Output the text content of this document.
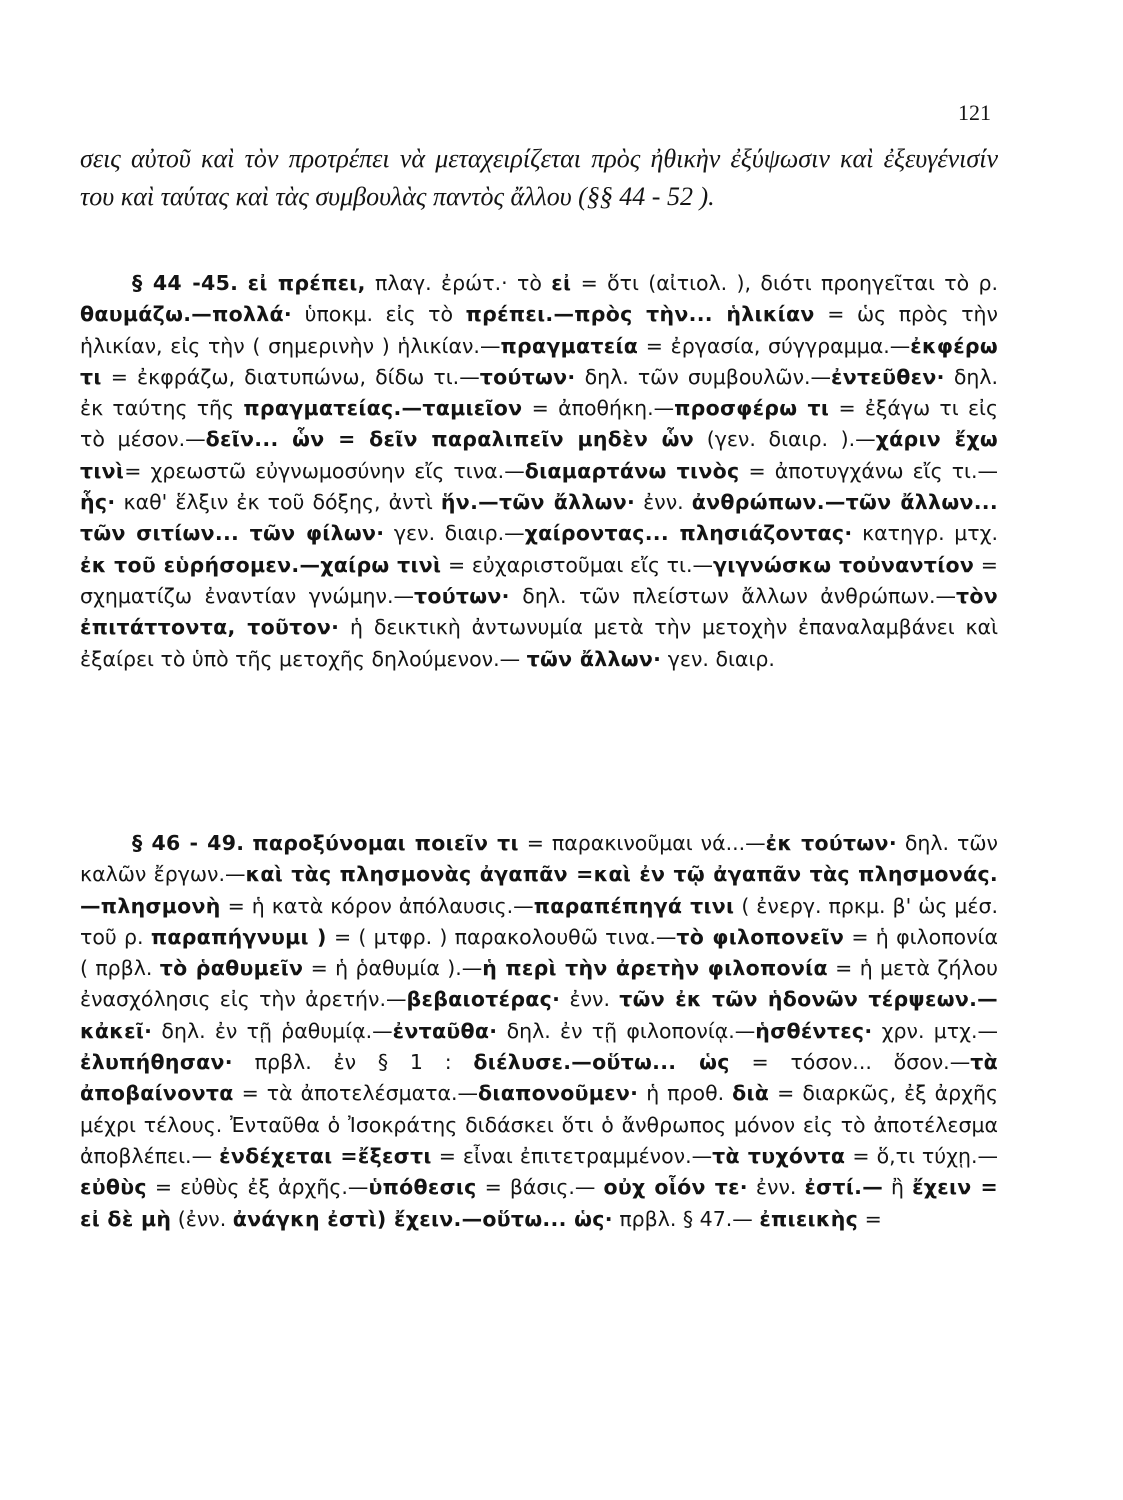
121
σεις αὐτοῦ καὶ τὸν προτρέπει νὰ μεταχειρίζεται πρὸς ἠθικὴν ἐξύψωσιν καὶ ἐξευγένισίν του καὶ ταύτας καὶ τὰς συμβουλὰς παντὸς ἄλλου (§§ 44 - 52 ).

§ 44 -45. εἰ πρέπει, πλαγ. ἐρώτ.· τὸ εἰ = ὅτι (αἰτιολ. ), διότι προηγεῖται τὸ ρ. θαυμάζω.—πολλά· ὑποκμ. εἰς τὸ πρέπει.—πρὸς τὴν... ἡλικίαν = ὡς πρὸς τὴν ἡλικίαν, εἰς τὴν ( σημερινὴν ) ἡλικίαν.—πραγματεία = ἐργασία, σύγγραμμα.—ἐκφέρω τι = ἐκφράζω, διατυπώνω, δίδω τι.—τούτων· δηλ. τῶν συμβουλῶν.—ἐντεῦθεν· δηλ. ἐκ ταύτης τῆς πραγματείας.—ταμιεῖον = ἀποθήκη.—προσφέρω τι = ἐξάγω τι εἰς τὸ μέσον.—δεῖν... ὧν = δεῖν παραλιπεῖν μηδὲν ὧν (γεν. διαιρ. ).—χάριν ἔχω τινὶ= χρεωστῶ εὐγνωμοσύνην εἴς τινα.—διαμαρτάνω τινὸς = ἀποτυγχάνω εἴς τι.—ἧς· καθ' ἕλξιν ἐκ τοῦ δόξης, ἀντὶ ἥν.—τῶν ἄλλων· ἐνν. ἀνθρώπων.—τῶν ἄλλων... τῶν σιτίων... τῶν φίλων· γεν. διαιρ.—χαίροντας... πλησιάζοντας· κατηγρ. μτχ. ἐκ τοῦ εὑρήσομεν.—χαίρω τινὶ = εὐχαριστοῦμαι εἴς τι.—γιγνώσκω τοὐναντίον = σχηματίζω ἐναντίαν γνώμην.—τούτων· δηλ. τῶν πλείστων ἄλλων ἀνθρώπων.—τὸν ἐπιτάττοντα, τοῦτον· ἡ δεικτικὴ ἀντωνυμία μετὰ τὴν μετοχὴν ἐπαναλαμβάνει καὶ ἐξαίρει τὸ ὑπὸ τῆς μετοχῆς δηλούμενον.— τῶν ἄλλων· γεν. διαιρ.

§ 46 - 49. παροξύνομαι ποιεῖν τι = παρακινοῦμαι νά...—ἐκ τούτων· δηλ. τῶν καλῶν ἔργων.—καὶ τὰς πλησμονὰς ἀγαπᾶν =καὶ ἐν τῷ ἀγαπᾶν τὰς πλησμονάς.—πλησμονὴ = ἡ κατὰ κόρον ἀπόλαυσις.—παραπέπηγά τινι ( ἐνεργ. πρκμ. β' ὡς μέσ. τοῦ ρ. παραπήγνυμι ) = ( μτφρ. ) παρακολουθῶ τινα.—τὸ φιλοπονεῖν = ἡ φιλοπονία ( πρβλ. τὸ ῥαθυμεῖν = ἡ ῥαθυμία ).—ἡ περὶ τὴν ἀρετὴν φιλοπονία = ἡ μετὰ ζήλου ἐνασχόλησις εἰς τὴν ἀρετήν.—βεβαιοτέρας· ἐνν. τῶν ἐκ τῶν ἡδονῶν τέρψεων.—κἀκεῖ· δηλ. ἐν τῇ ῥαθυμίᾳ.—ἐνταῦθα· δηλ. ἐν τῇ φιλοπονίᾳ.—ἡσθέντες· χρν. μτχ.—ἐλυπήθησαν· πρβλ. ἐν § 1 : διέλυσε.—οὕτω... ὡς = τόσον... ὅσον.—τὰ ἀποβαίνοντα = τὰ ἀποτελέσματα.—διαπονοῦμεν· ἡ προθ. διὰ = διαρκῶς, ἐξ ἀρχῆς μέχρι τέλους. Ἐνταῦθα ὁ Ἰσοκράτης διδάσκει ὅτι ὁ ἄνθρωπος μόνον εἰς τὸ ἀποτέλεσμα ἀποβλέπει.— ἐνδέχεται =ἔξεστι = εἶναι ἐπιτετραμμένον.—τὰ τυχόντα = ὅ,τι τύχῃ.—εὐθὺς = εὐθὺς ἐξ ἀρχῆς.—ὑπόθεσις = βάσις.— οὐχ οἷόν τε· ἐνν. ἐστί.— ἢ ἔχειν = εἰ δὲ μὴ (ἐνν. ἀνάγκη ἐστὶ) ἔχειν.—οὕτω... ὡς· πρβλ. § 47.— ἐπιεικὴς =
